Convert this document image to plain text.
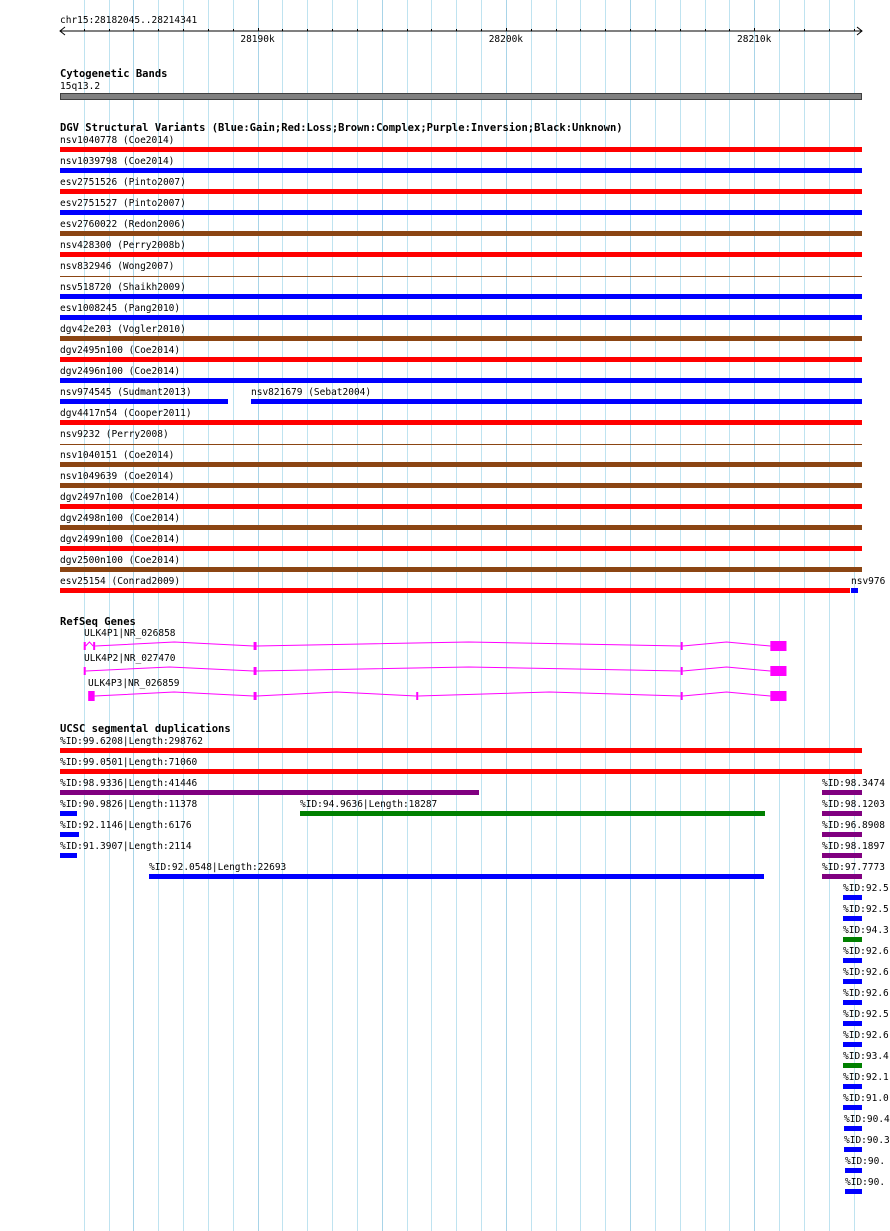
chr15:28182045..28214341
28190k	28200k	28210k
Cytogenetic Bands
15q13.2
DGV Structural Variants (Blue:Gain;Red:Loss;Brown:Complex;Purple:Inversion;Black:Unknown)
nsv1040778 (Coe2014)
nsv1039798 (Coe2014)
esv2751526 (Pinto2007)
esv2751527 (Pinto2007)
esv2760022 (Redon2006)
nsv428300 (Perry2008b)
nsv832946 (Wong2007)
nsv518720 (Shaikh2009)
esv1008245 (Pang2010)
dgv42e203 (Vogler2010)
dgv2495n100 (Coe2014)
dgv2496n100 (Coe2014)
nsv974545 (Sudmant2013)	nsv821679 (Sebat2004)
dgv4417n54 (Cooper2011)
nsv9232 (Perry2008)
nsv1040151 (Coe2014)
nsv1049639 (Coe2014)
dgv2497n100 (Coe2014)
dgv2498n100 (Coe2014)
dgv2499n100 (Coe2014)
dgv2500n100 (Coe2014)
esv25154 (Conrad2009)	nsv976
RefSeq Genes
ULK4P1|NR_026858
ULK4P2|NR_027470
ULK4P3|NR_026859
UCSC segmental duplications
%ID:99.6208|Length:298762
%ID:99.0501|Length:71060
%ID:98.9336|Length:41446	%ID:98.3474
%ID:90.9826|Length:11378	%ID:94.9636|Length:18287	%ID:98.1203
%ID:92.1146|Length:6176	%ID:96.8908
%ID:91.3907|Length:2114	%ID:98.1897
%ID:92.0548|Length:22693	%ID:97.7773
%ID:92.5
%ID:92.5
%ID:94.3
%ID:92.6
%ID:92.6
%ID:92.6
%ID:92.5
%ID:92.6
%ID:93.4
%ID:92.1
%ID:91.0
%ID:90.4
%ID:90.3
%ID:90.
%ID:90.
